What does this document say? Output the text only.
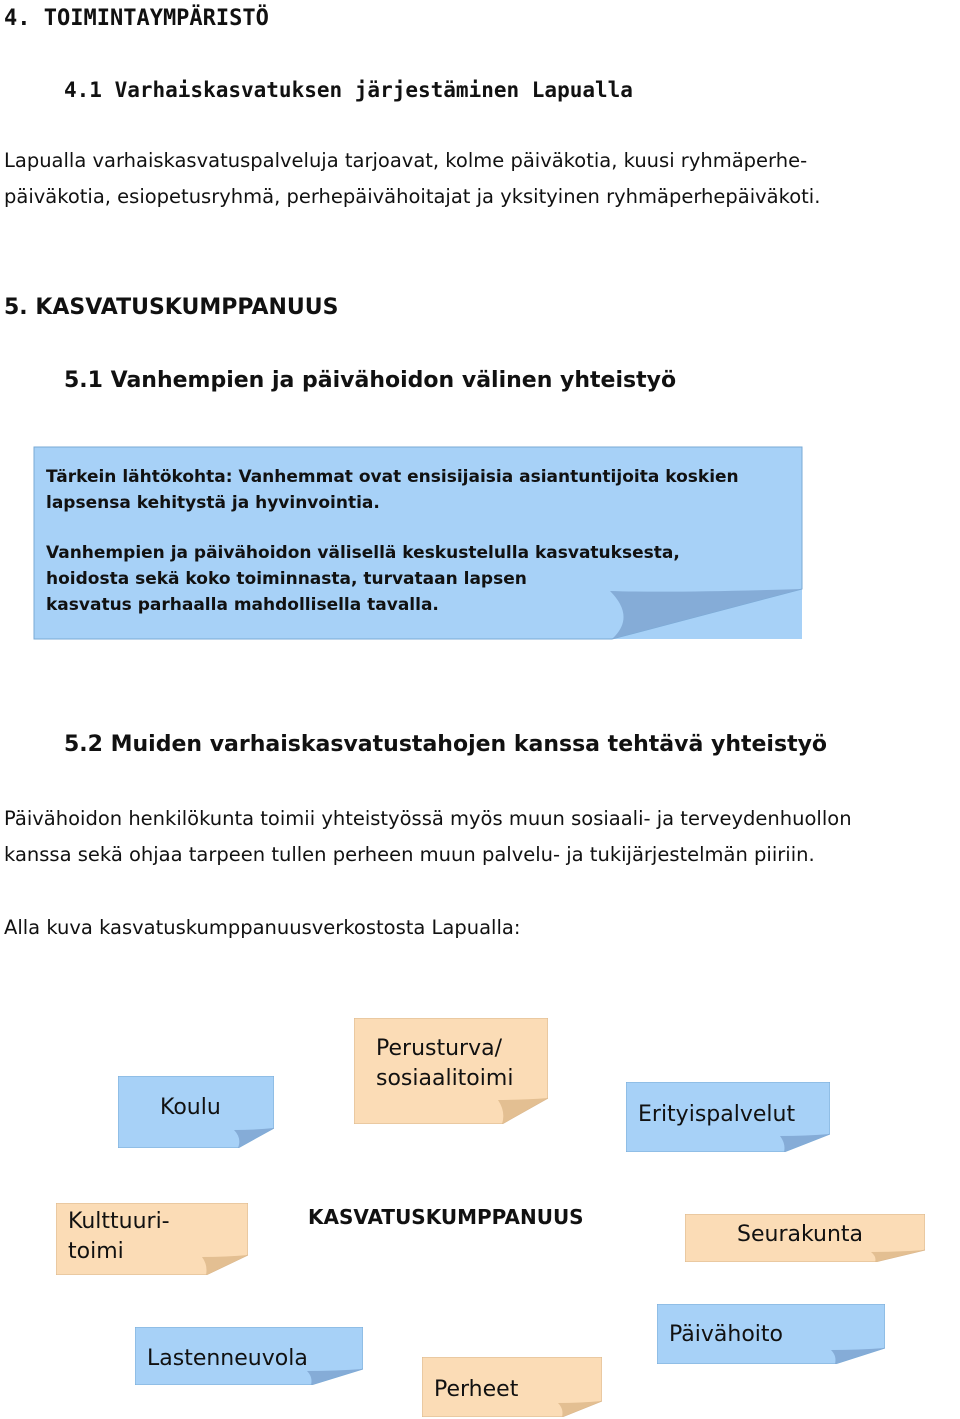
4. TOIMINTAYMPÄRISTÖ
4.1 Varhaiskasvatuksen järjestäminen Lapualla
Lapualla varhaiskasvatuspalveluja tarjoavat, kolme päiväkotia, kuusi ryhmäperhe-
päiväkotia, esiopetusryhmä, perhepäivähoitajat ja yksityinen ryhmäperhepäiväkoti.
5. KASVATUSKUMPPANUUS
5.1 Vanhempien ja päivähoidon välinen yhteistyö
Tärkein lähtökohta: Vanhemmat ovat ensisijaisia asiantuntijoita koskien
lapsensa kehitystä ja hyvinvointia.
Vanhempien ja päivähoidon välisellä keskustelulla kasvatuksesta,
hoidosta sekä koko toiminnasta, turvataan lapsen
kasvatus parhaalla mahdollisella tavalla.
5.2 Muiden varhaiskasvatustahojen kanssa tehtävä yhteistyö
Päivähoidon henkilökunta toimii yhteistyössä myös muun sosiaali- ja terveydenhuollon
kanssa sekä ohjaa tarpeen tullen perheen muun palvelu- ja tukijärjestelmän piiriin.
Alla kuva kasvatuskumppanuusverkostosta Lapualla:
Koulu
Perusturva/
sosiaalitoimi
Erityispalvelut
Kulttuuri-
toimi
KASVATUSKUMPPANUUS
Seurakunta
Lastenneuvola
Perheet
Päivähoito
